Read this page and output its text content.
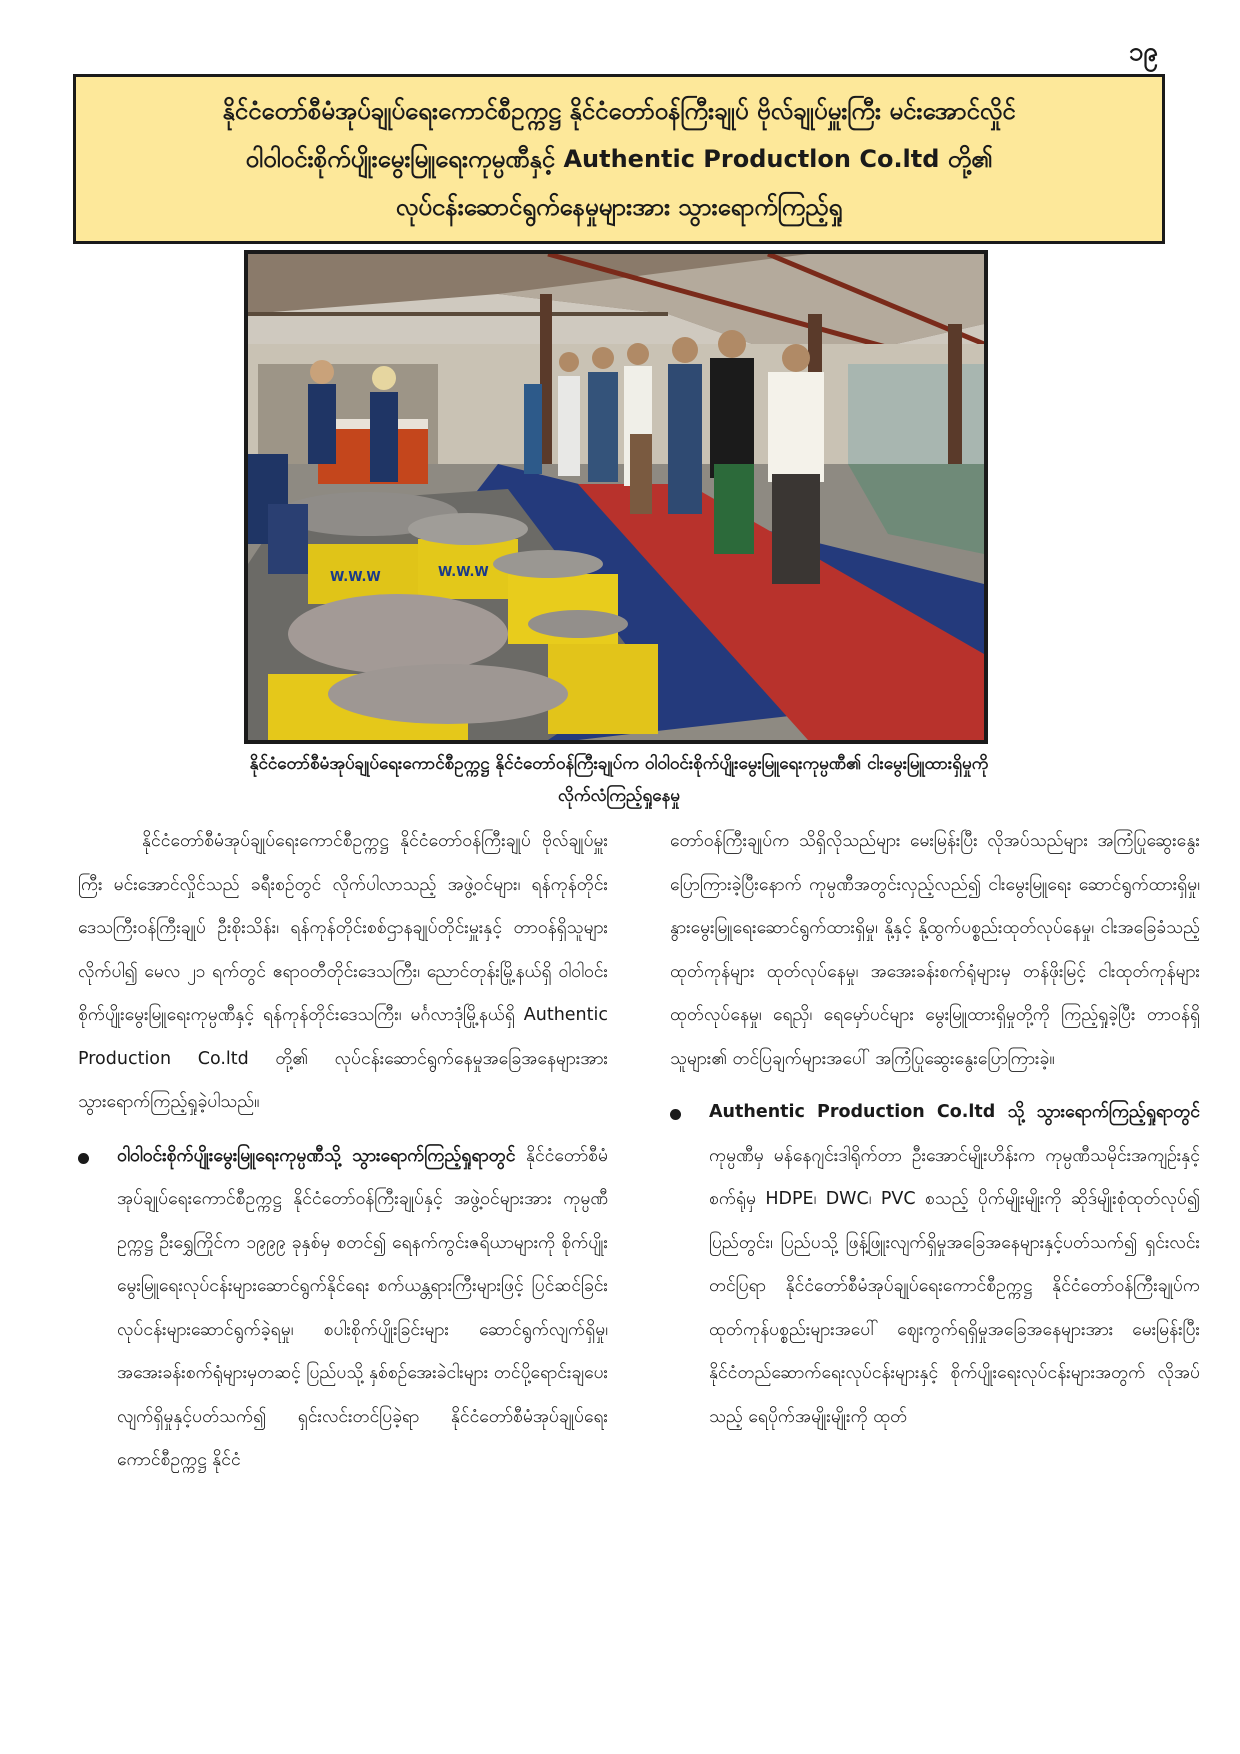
၁၉
နိုင်ငံတော်စီမံအုပ်ချုပ်ရေးကောင်စီဥက္ကဋ္ဌ နိုင်ငံတော်ဝန်ကြီးချုပ် ဗိုလ်ချုပ်မှူးကြီး မင်းအောင်လှိုင်
ဝါဝါဝင်းစိုက်ပျိုးမွေးမြူရေးကုမ္ပဏီနှင့် Authentic Productlon Co.ltd တို့၏
လုပ်ငန်းဆောင်ရွက်နေမှုများအား သွားရောက်ကြည့်ရှု
W.W.W	W.W.W
နိုင်ငံတော်စီမံအုပ်ချုပ်ရေးကောင်စီဥက္ကဋ္ဌ နိုင်ငံတော်ဝန်ကြီးချုပ်က ဝါဝါဝင်းစိုက်ပျိုးမွေးမြူရေးကုမ္ပဏီ၏ ငါးမွေးမြူထားရှိမှုကို
လိုက်လံကြည့်ရှုနေမှု

နိုင်ငံတော်စီမံအုပ်ချုပ်ရေးကောင်စီဥက္ကဋ္ဌ နိုင်ငံတော်ဝန်ကြီးချုပ် ဗိုလ်ချုပ်မှူးကြီး မင်းအောင်လှိုင်သည် ခရီးစဉ်တွင် လိုက်ပါလာသည့် အဖွဲ့ဝင်များ၊ ရန်ကုန်တိုင်းဒေသကြီးဝန်ကြီးချုပ် ဦးစိုးသိန်း၊ ရန်ကုန်တိုင်းစစ်ဌာနချုပ်တိုင်းမှူးနှင့် တာဝန်ရှိသူများလိုက်ပါ၍ မေလ ၂၁ ရက်တွင် ဧရာဝတီတိုင်းဒေသကြီး၊ ညောင်တုန်းမြို့နယ်ရှိ ဝါဝါဝင်းစိုက်ပျိုးမွေးမြူရေးကုမ္ပဏီနှင့် ရန်ကုန်တိုင်းဒေသကြီး၊ မင်္ဂလာဒုံမြို့နယ်ရှိ Authentic Production Co.ltd တို့၏ လုပ်ငန်းဆောင်ရွက်နေမှုအခြေအနေများအား သွားရောက်ကြည့်ရှုခဲ့ပါသည်။

ဝါဝါဝင်းစိုက်ပျိုးမွေးမြူရေးကုမ္ပဏီသို့ သွားရောက်ကြည့်ရှုရာတွင် နိုင်ငံတော်စီမံအုပ်ချုပ်ရေးကောင်စီဥက္ကဋ္ဌ နိုင်ငံတော်ဝန်ကြီးချုပ်နှင့် အဖွဲ့ဝင်များအား ကုမ္ပဏီဥက္ကဋ္ဌ ဦးရွှေကြိုင်က ၁၉၉၉ ခုနှစ်မှ စတင်၍ ရေနက်ကွင်းဇရိယာများကို စိုက်ပျိုးမွေးမြူရေးလုပ်ငန်းများဆောင်ရွက်နိုင်ရေး စက်ယန္တရားကြီးများဖြင့် ပြင်ဆင်ခြင်းလုပ်ငန်းများဆောင်ရွက်ခဲ့ရမှု၊ စပါးစိုက်ပျိုးခြင်းများ ဆောင်ရွက်လျက်ရှိမှု၊ အအေးခန်းစက်ရုံများမှတဆင့် ပြည်ပသို့ နှစ်စဉ်အေးခဲငါးများ တင်ပို့ရောင်းချပေးလျက်ရှိမှုနှင့်ပတ်သက်၍ ရှင်းလင်းတင်ပြခဲ့ရာ နိုင်ငံတော်စီမံအုပ်ချုပ်ရေးကောင်စီဥက္ကဋ္ဌ နိုင်ငံ

တော်ဝန်ကြီးချုပ်က သိရှိလိုသည်များ မေးမြန်းပြီး လိုအပ်သည်များ အကြံပြုဆွေးနွေးပြောကြားခဲ့ပြီးနောက် ကုမ္ပဏီအတွင်းလှည့်လည်၍ ငါးမွေးမြူရေး ဆောင်ရွက်ထားရှိမှု၊ နွားမွေးမြူရေးဆောင်ရွက်ထားရှိမှု၊ နို့နှင့် နို့ထွက်ပစ္စည်းထုတ်လုပ်နေမှု၊ ငါးအခြေခံသည့် ထုတ်ကုန်များ ထုတ်လုပ်နေမှု၊ အအေးခန်းစက်ရုံများမှ တန်ဖိုးမြင့် ငါးထုတ်ကုန်များထုတ်လုပ်နေမှု၊ ရေညှိ၊ ရေမှော်ပင်များ မွေးမြူထားရှိမှုတို့ကို ကြည့်ရှုခဲ့ပြီး တာဝန်ရှိသူများ၏ တင်ပြချက်များအပေါ် အကြံပြုဆွေးနွေးပြောကြားခဲ့။

Authentic Production Co.ltd သို့ သွားရောက်ကြည့်ရှုရာတွင် ကုမ္ပဏီမှ မန်နေဂျင်းဒါရိုက်တာ ဦးအောင်မျိုးဟိန်းက ကုမ္ပဏီသမိုင်းအကျဉ်းနှင့် စက်ရုံမှ HDPE၊ DWC၊ PVC စသည့် ပိုက်မျိုးမျိုးကို ဆိုဒ်မျိုးစုံထုတ်လုပ်၍ ပြည်တွင်း၊ ပြည်ပသို့ ဖြန့်ဖြူးလျက်ရှိမှုအခြေအနေများနှင့်ပတ်သက်၍ ရှင်းလင်းတင်ပြရာ နိုင်ငံတော်စီမံအုပ်ချုပ်ရေးကောင်စီဥက္ကဋ္ဌ နိုင်ငံတော်ဝန်ကြီးချုပ်က ထုတ်ကုန်ပစ္စည်းများအပေါ် ဈေးကွက်ရရှိမှုအခြေအနေများအား မေးမြန်းပြီး နိုင်ငံတည်ဆောက်ရေးလုပ်ငန်းများနှင့် စိုက်ပျိုးရေးလုပ်ငန်းများအတွက် လိုအပ်သည့် ရေပိုက်အမျိုးမျိုးကို ထုတ်
